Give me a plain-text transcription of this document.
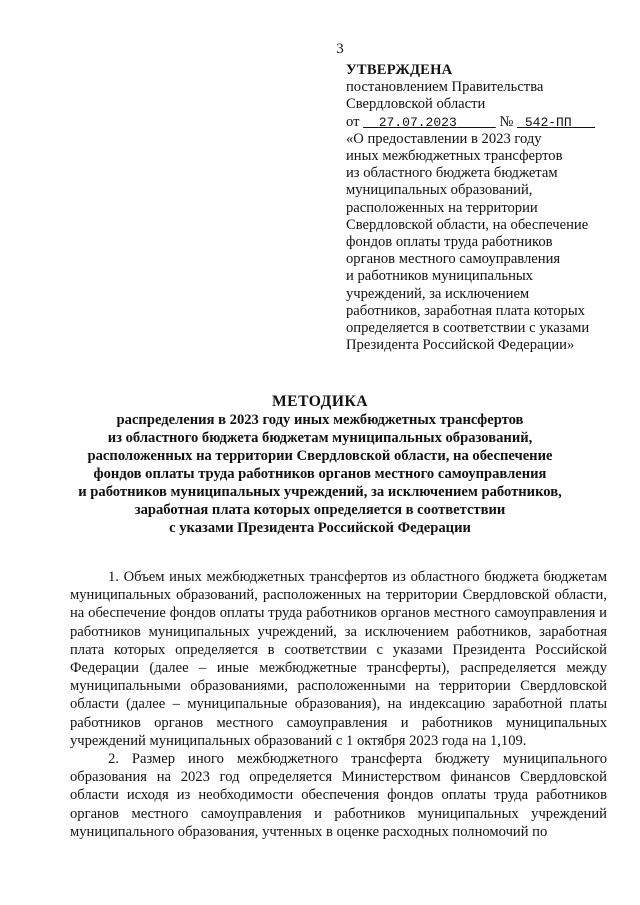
3
УТВЕРЖДЕНА
постановлением Правительства
Свердловской области
от 27.07.2023	№ 542-ПП
«О предоставлении в 2023 году
иных межбюджетных трансфертов
из областного бюджета бюджетам
муниципальных образований,
расположенных на территории
Свердловской области, на обеспечение
фондов оплаты труда работников
органов местного самоуправления
и работников муниципальных
учреждений, за исключением
работников, заработная плата которых
определяется в соответствии с указами
Президента Российской Федерации»
МЕТОДИКА
распределения в 2023 году иных межбюджетных трансфертов
из областного бюджета бюджетам муниципальных образований,
расположенных на территории Свердловской области, на обеспечение
фондов оплаты труда работников органов местного самоуправления
и работников муниципальных учреждений, за исключением работников,
заработная плата которых определяется в соответствии
с указами Президента Российской Федерации

1. Объем иных межбюджетных трансфертов из областного бюджета бюджетам муниципальных образований, расположенных на территории Свердловской области, на обеспечение фондов оплаты труда работников органов местного самоуправления и работников муниципальных учреждений, за исключением работников, заработная плата которых определяется в соответствии с указами Президента Российской Федерации (далее – иные межбюджетные трансферты), распределяется между муниципальными образованиями, расположенными на территории Свердловской области (далее – муниципальные образования), на индексацию заработной платы работников органов местного самоуправления и работников муниципальных учреждений муниципальных образований с 1 октября 2023 года на 1,109.

2. Размер иного межбюджетного трансферта бюджету муниципального образования на 2023 год определяется Министерством финансов Свердловской области исходя из необходимости обеспечения фондов оплаты труда работников органов местного самоуправления и работников муниципальных учреждений муниципального образования, учтенных в оценке расходных полномочий по
